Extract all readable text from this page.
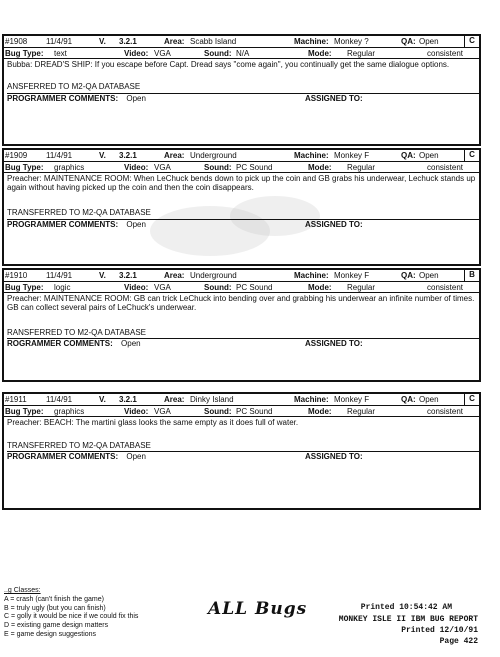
#1908 11/4/91	V. 3.2.1	Area: Scabb Island	Machine: Monkey ?	QA: Open	C
Bug Type: text	Video: VGA	Sound: N/A	Mode: Regular	consistent
Bubba: DREAD'S SHIP: If you escape before Capt. Dread says "come again", you continually get the same dialogue options.
ANSFERRED TO M2-QA DATABASE
PROGRAMMER COMMENTS: Open	ASSIGNED TO:
#1909 11/4/91	V. 3.2.1	Area: Underground	Machine: Monkey F	QA: Open	C
Bug Type: graphics	Video: VGA	Sound: PC Sound	Mode: Regular	consistent
Preacher: MAINTENANCE ROOM: When LeChuck bends down to pick up the coin and GB grabs his underwear, Lechuck stands up again without having picked up the coin and then the coin disappears.
TRANSFERRED TO M2-QA DATABASE
PROGRAMMER COMMENTS: Open	ASSIGNED TO:
#1910 11/4/91	V. 3.2.1	Area: Underground	Machine: Monkey F	QA: Open	B
Bug Type: logic	Video: VGA	Sound: PC Sound	Mode: Regular	consistent
Preacher: MAINTENANCE ROOM: GB can trick LeChuck into bending over and grabbing his underwear an infinite number of times. GB can collect several pairs of LeChuck's underwear.
RANSFERRED TO M2-QA DATABASE
ROGRAMMER COMMENTS: Open	ASSIGNED TO:
#1911 11/4/91	V. 3.2.1	Area: Dinky Island	Machine: Monkey F	QA: Open	C
Bug Type: graphics	Video: VGA	Sound: PC Sound	Mode: Regular	consistent
Preacher: BEACH: The martini glass looks the same empty as it does full of water.
TRANSFERRED TO M2-QA DATABASE
PROGRAMMER COMMENTS: Open	ASSIGNED TO:
..g Classes:
A = crash (can't finish the game)
B = truly ugly (but you can finish)
C = golly it would be nice if we could fix this
D = existing game design matters
E = game design suggestions
ALL Bugs	Printed 10:54:42 AM
MONKEY ISLE II IBM BUG REPORT
Printed 12/10/91
Page 422
